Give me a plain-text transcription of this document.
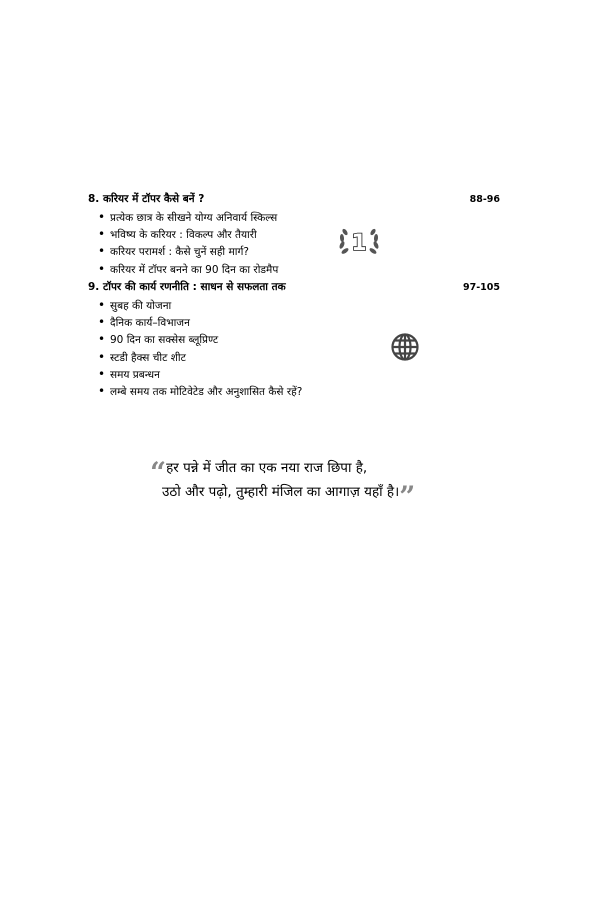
8. करियर में टॉपर कैसे बनें ?	88-96
• प्रत्येक छात्र के सीखने योग्य अनिवार्य स्किल्स
• भविष्य के करियर : विकल्प और तैयारी
• करियर परामर्श : कैसे चुनें सही मार्ग?
• करियर में टॉपर बनने का 90 दिन का रोडमैप
1
9. टॉपर की कार्य रणनीति : साधन से सफलता तक	97-105
• सुबह की योजना
• दैनिक कार्य–विभाजन
• 90 दिन का सक्सेस ब्लूप्रिण्ट
• स्टडी हैक्स चीट शीट
• समय प्रबन्धन
• लम्बे समय तक मोटिवेटेड और अनुशासित कैसे रहें?
“हर पन्ने में जीत का एक नया राज छिपा है,
उठो और पढ़ो, तुम्हारी मंजिल का आगाज़ यहाँ है।”
